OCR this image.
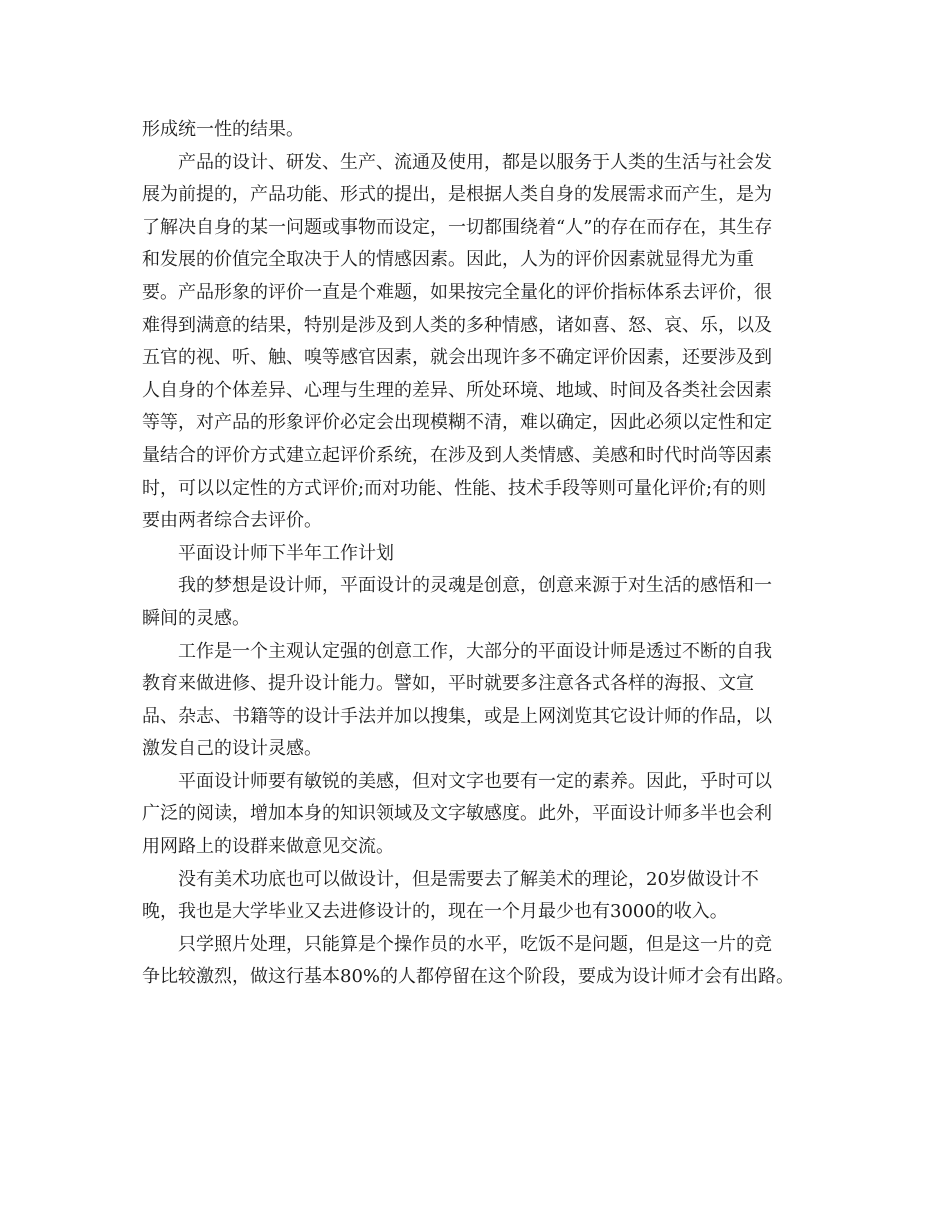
形成统一性的结果。
产品的设计、研发、生产、流通及使用，都是以服务于人类的生活与社会发
展为前提的，产品功能、形式的提出，是根据人类自身的发展需求而产生，是为
了解决自身的某一问题或事物而设定，一切都围绕着“人”的存在而存在，其生存
和发展的价值完全取决于人的情感因素。因此，人为的评价因素就显得尤为重
要。产品形象的评价一直是个难题，如果按完全量化的评价指标体系去评价，很
难得到满意的结果，特别是涉及到人类的多种情感，诸如喜、怒、哀、乐，以及
五官的视、听、触、嗅等感官因素，就会出现许多不确定评价因素，还要涉及到
人自身的个体差异、心理与生理的差异、所处环境、地域、时间及各类社会因素
等等，对产品的形象评价必定会出现模糊不清，难以确定，因此必须以定性和定
量结合的评价方式建立起评价系统，在涉及到人类情感、美感和时代时尚等因素
时，可以以定性的方式评价;而对功能、性能、技术手段等则可量化评价;有的则
要由两者综合去评价。
平面设计师下半年工作计划
我的梦想是设计师，平面设计的灵魂是创意，创意来源于对生活的感悟和一
瞬间的灵感。
工作是一个主观认定强的创意工作，大部分的平面设计师是透过不断的自我
教育来做进修、提升设计能力。譬如，平时就要多注意各式各样的海报、文宣
品、杂志、书籍等的设计手法并加以搜集，或是上网浏览其它设计师的作品，以
激发自己的设计灵感。
平面设计师要有敏锐的美感，但对文字也要有一定的素养。因此，乎时可以
广泛的阅读，增加本身的知识领域及文字敏感度。此外，平面设计师多半也会利
用网路上的设群来做意见交流。
没有美术功底也可以做设计，但是需要去了解美术的理论，20岁做设计不
晚，我也是大学毕业又去进修设计的，现在一个月最少也有3000的收入。
只学照片处理，只能算是个操作员的水平，吃饭不是问题，但是这一片的竞
争比较激烈，做这行基本80%的人都停留在这个阶段，要成为设计师才会有出路。
